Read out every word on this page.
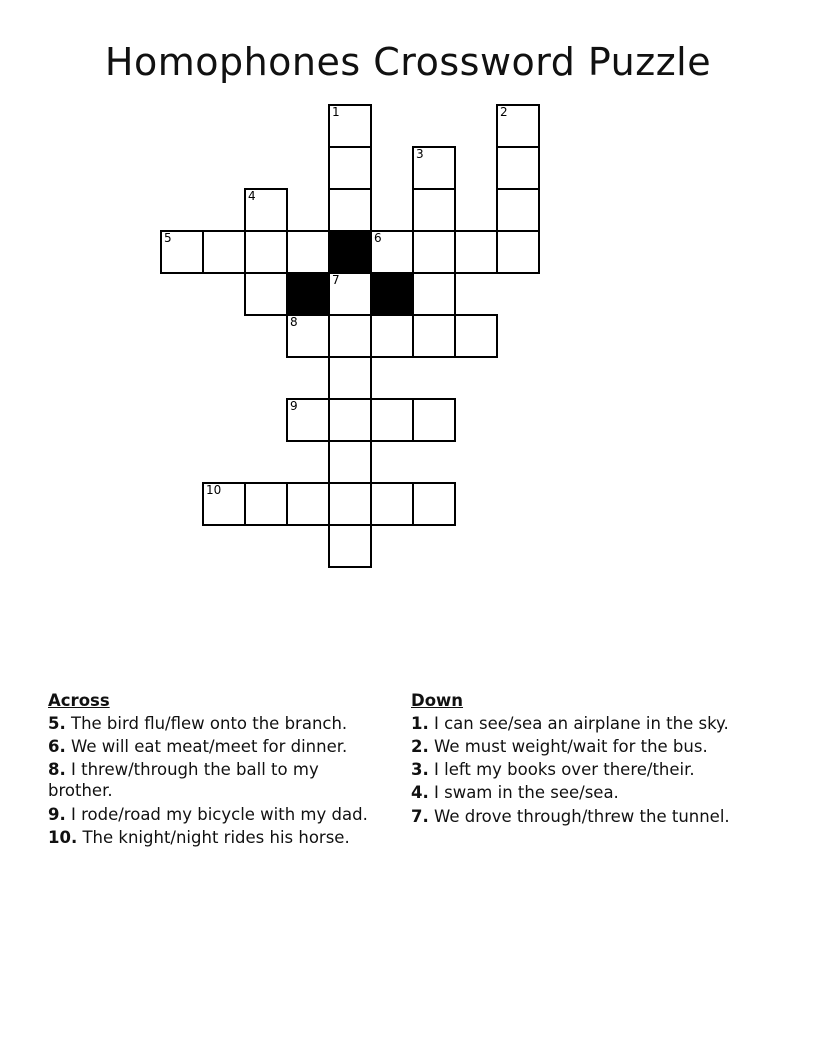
Homophones Crossword Puzzle
1	2
3
4
5	6
7
8
9
10
Across
5. The bird flu/flew onto the branch.
6. We will eat meat/meet for dinner.
8. I threw/through the ball to my brother.
9. I rode/road my bicycle with my dad.
10. The knight/night rides his horse.
Down
1. I can see/sea an airplane in the sky.
2. We must weight/wait for the bus.
3. I left my books over there/their.
4. I swam in the see/sea.
7. We drove through/threw the tunnel.
